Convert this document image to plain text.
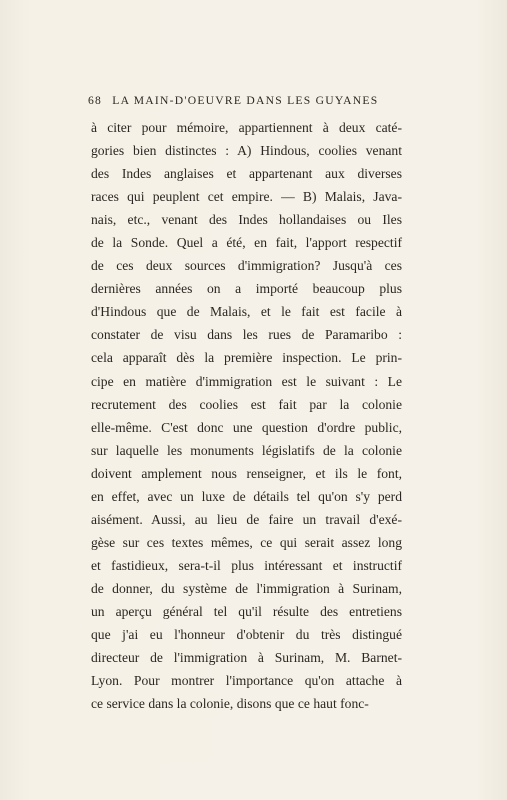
68 LA MAIN-D'OEUVRE DANS LES GUYANES
à citer pour mémoire, appartiennent à deux caté-
gories bien distinctes : A) Hindous, coolies venant
des Indes anglaises et appartenant aux diverses
races qui peuplent cet empire. — B) Malais, Java-
nais, etc., venant des Indes hollandaises ou Iles
de la Sonde. Quel a été, en fait, l'apport respectif
de ces deux sources d'immigration? Jusqu'à ces
dernières années on a importé beaucoup plus
d'Hindous que de Malais, et le fait est facile à
constater de visu dans les rues de Paramaribo :
cela apparaît dès la première inspection. Le prin-
cipe en matière d'immigration est le suivant : Le
recrutement des coolies est fait par la colonie
elle-même. C'est donc une question d'ordre public,
sur laquelle les monuments législatifs de la colonie
doivent amplement nous renseigner, et ils le font,
en effet, avec un luxe de détails tel qu'on s'y perd
aisément. Aussi, au lieu de faire un travail d'exé-
gèse sur ces textes mêmes, ce qui serait assez long
et fastidieux, sera-t-il plus intéressant et instructif
de donner, du système de l'immigration à Surinam,
un aperçu général tel qu'il résulte des entretiens
que j'ai eu l'honneur d'obtenir du très distingué
directeur de l'immigration à Surinam, M. Barnet-
Lyon. Pour montrer l'importance qu'on attache à
ce service dans la colonie, disons que ce haut fonc-
